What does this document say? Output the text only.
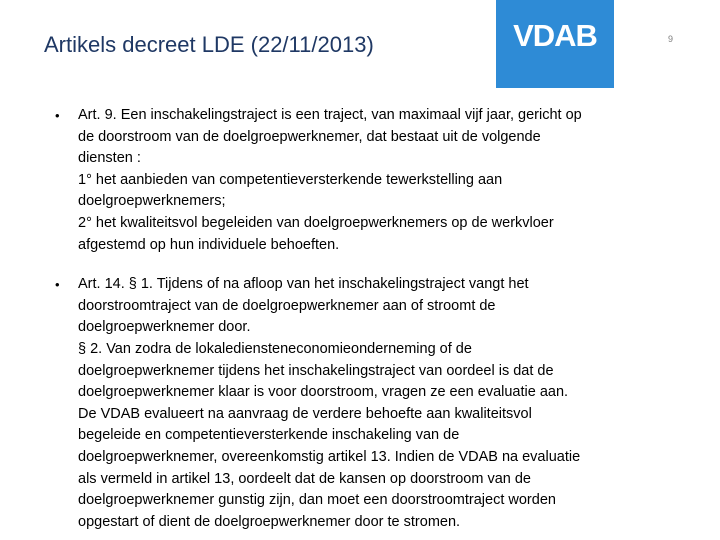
Artikels decreet LDE (22/11/2013)	VDAB	9
• Art. 9. Een inschakelingstraject is een traject, van maximaal vijf jaar, gericht op
de doorstroom van de doelgroepwerknemer, dat bestaat uit de volgende
diensten :
1° het aanbieden van competentieversterkende tewerkstelling aan
doelgroepwerknemers;
2° het kwaliteitsvol begeleiden van doelgroepwerknemers op de werkvloer
afgestemd op hun individuele behoeften.
• Art. 14. § 1. Tijdens of na afloop van het inschakelingstraject vangt het
doorstroomtraject van de doelgroepwerknemer aan of stroomt de
doelgroepwerknemer door.
§ 2. Van zodra de lokalediensteneconomieonderneming of de
doelgroepwerknemer tijdens het inschakelingstraject van oordeel is dat de
doelgroepwerknemer klaar is voor doorstroom, vragen ze een evaluatie aan.
De VDAB evalueert na aanvraag de verdere behoefte aan kwaliteitsvol
begeleide en competentieversterkende inschakeling van de
doelgroepwerknemer, overeenkomstig artikel 13. Indien de VDAB na evaluatie
als vermeld in artikel 13, oordeelt dat de kansen op doorstroom van de
doelgroepwerknemer gunstig zijn, dan moet een doorstroomtraject worden
opgestart of dient de doelgroepwerknemer door te stromen.
